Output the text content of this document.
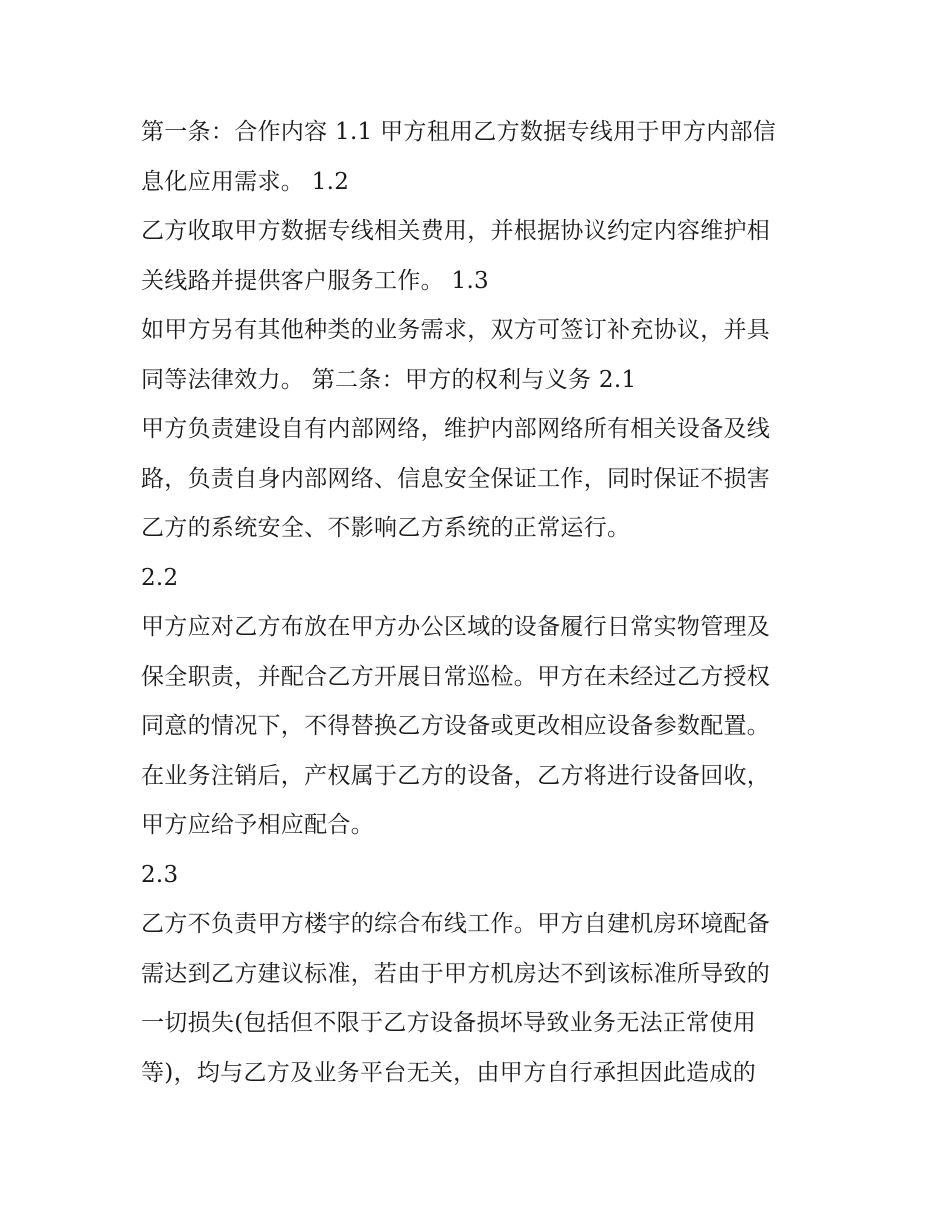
第一条：合作内容 1.1 甲方租用乙方数据专线用于甲方内部信
息化应用需求。 1.2
乙方收取甲方数据专线相关费用，并根据协议约定内容维护相
关线路并提供客户服务工作。 1.3
如甲方另有其他种类的业务需求，双方可签订补充协议，并具
同等法律效力。 第二条：甲方的权利与义务 2.1
甲方负责建设自有内部网络，维护内部网络所有相关设备及线
路，负责自身内部网络、信息安全保证工作，同时保证不损害
乙方的系统安全、不影响乙方系统的正常运行。
2.2
甲方应对乙方布放在甲方办公区域的设备履行日常实物管理及
保全职责，并配合乙方开展日常巡检。甲方在未经过乙方授权
同意的情况下，不得替换乙方设备或更改相应设备参数配置。
在业务注销后，产权属于乙方的设备，乙方将进行设备回收，
甲方应给予相应配合。
2.3
乙方不负责甲方楼宇的综合布线工作。甲方自建机房环境配备
需达到乙方建议标准，若由于甲方机房达不到该标准所导致的
一切损失(包括但不限于乙方设备损坏导致业务无法正常使用
等)，均与乙方及业务平台无关，由甲方自行承担因此造成的
